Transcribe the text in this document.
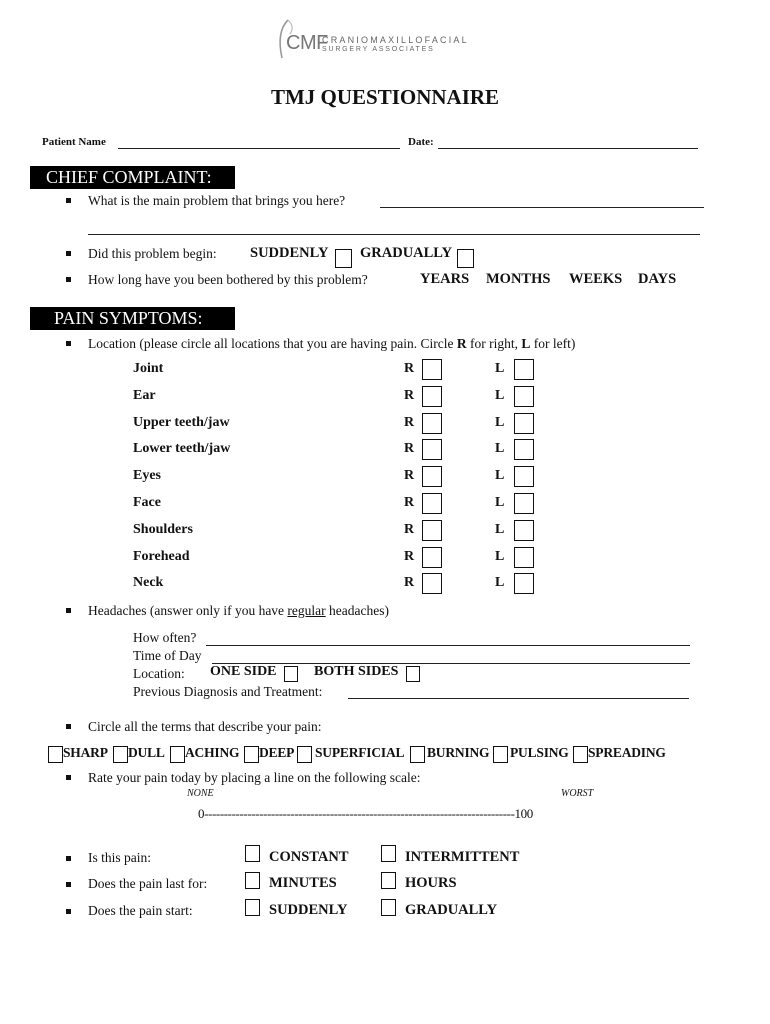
CMF
CRANIOMAXILLOFACIAL
SURGERY ASSOCIATES
TMJ QUESTIONNAIRE
Patient Name	Date:
CHIEF COMPLAINT:
What is the main problem that brings you here?
Did this problem begin: SUDDENLY GRADUALLY
How long have you been bothered by this problem?	YEARS MONTHS WEEKS DAYS
PAIN SYMPTOMS:
Location (please circle all locations that you are having pain. Circle R for right, L for left)
Joint	R	L
Ear	R	L
Upper teeth/jaw	R	L
Lower teeth/jaw	R	L
Eyes	R	L
Face	R	L
Shoulders	R	L
Forehead	R	L
Neck	R	L
Headaches (answer only if you have regular headaches)
How often?
Time of Day
Location: ONE SIDE	BOTH SIDES
Previous Diagnosis and Treatment:
Circle all the terms that describe your pain:
SHARP DULL ACHING DEEP SUPERFICIAL BURNING PULSING SPREADING
Rate your pain today by placing a line on the following scale:
NONE	WORST
0-------------------------------------------------------------------------------100
Is this pain:	CONSTANT	INTERMITTENT
Does the pain last for:	MINUTES	HOURS
Does the pain start:	SUDDENLY	GRADUALLY
